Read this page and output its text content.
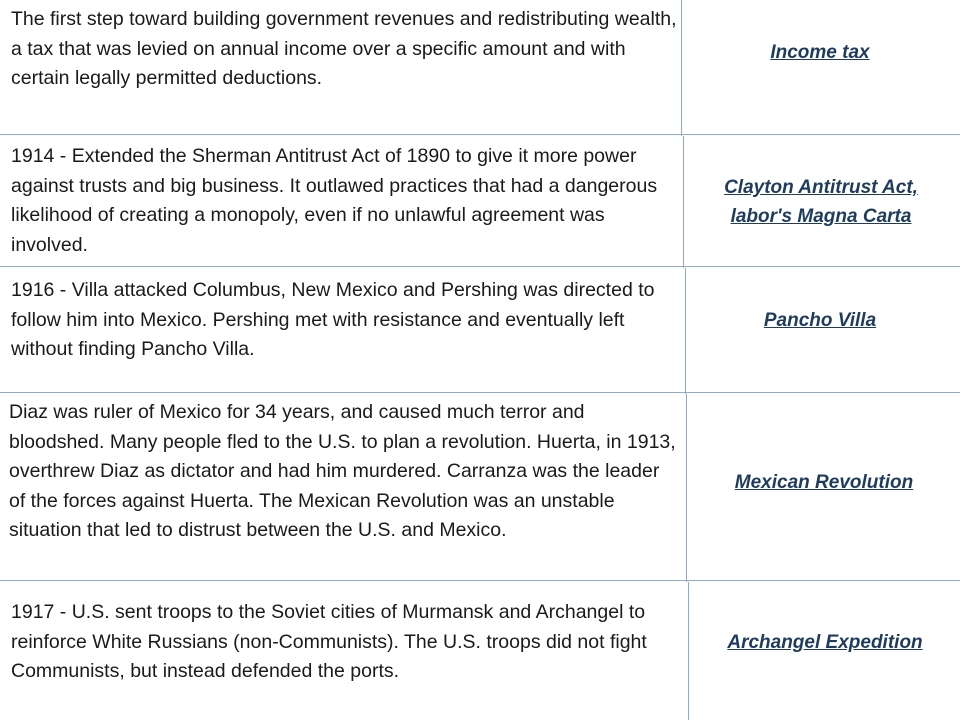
The first step toward building government revenues and redistributing wealth, a tax that was levied on annual income over a specific amount and with certain legally permitted deductions.

Income tax

1914 - Extended the Sherman Antitrust Act of 1890 to give it more power against trusts and big business. It outlawed practices that had a dangerous likelihood of creating a monopoly, even if no unlawful agreement was involved.

Clayton Antitrust Act,
labor's Magna Carta

1916 - Villa attacked Columbus, New Mexico and Pershing was directed to follow him into Mexico. Pershing met with resistance and eventually left without finding Pancho Villa.

Pancho Villa

Diaz was ruler of Mexico for 34 years, and caused much terror and bloodshed. Many people fled to the U.S. to plan a revolution. Huerta, in 1913, overthrew Diaz as dictator and had him murdered. Carranza was the leader of the forces against Huerta. The Mexican Revolution was an unstable situation that led to distrust between the U.S. and Mexico.

Mexican Revolution

1917 - U.S. sent troops to the Soviet cities of Murmansk and Archangel to reinforce White Russians (non-Communists). The U.S. troops did not fight Communists, but instead defended the ports.

Archangel Expedition
